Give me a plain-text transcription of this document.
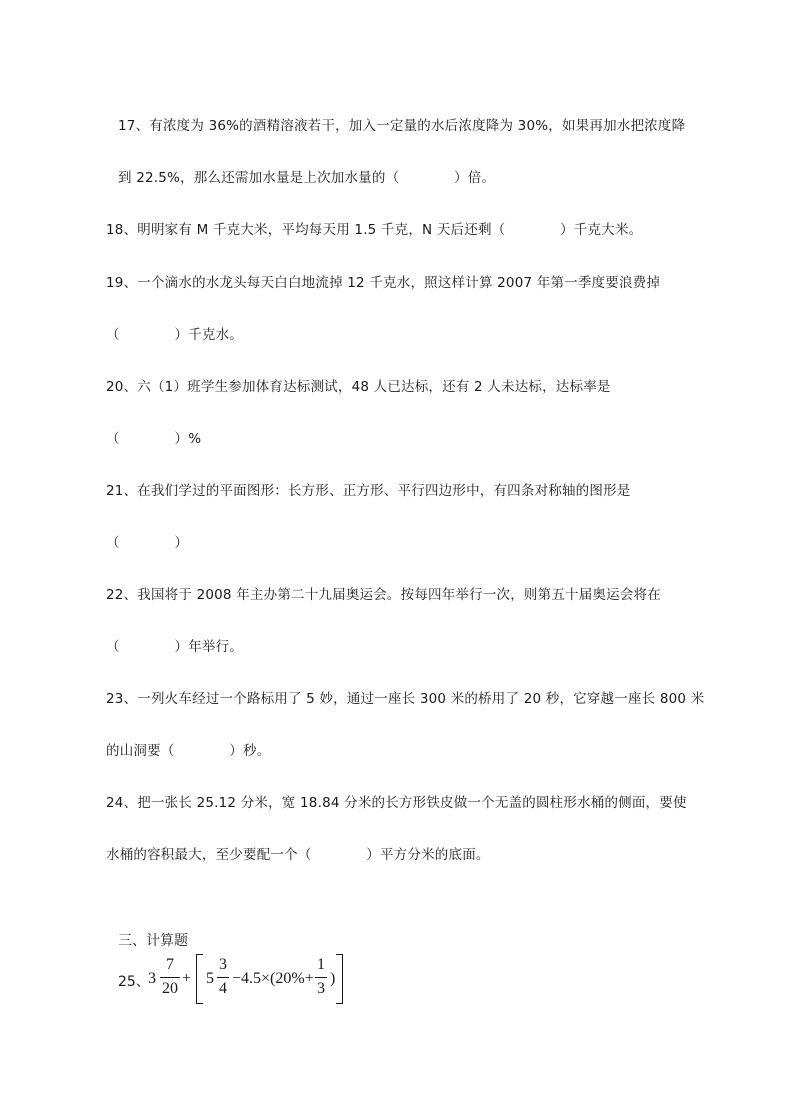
17、有浓度为 36%的酒精溶液若干，加入一定量的水后浓度降为 30%，如果再加水把浓度降
到 22.5%，那么还需加水量是上次加水量的（　　　　）倍。
18、明明家有 M 千克大米，平均每天用 1.5 千克，N 天后还剩（　　　　）千克大米。
19、一个滴水的水龙头每天白白地流掉 12 千克水，照这样计算 2007 年第一季度要浪费掉
（　　　　）千克水。
20、六（1）班学生参加体育达标测试，48 人已达标，还有 2 人未达标，达标率是
（　　　　）%
21、在我们学过的平面图形：长方形、正方形、平行四边形中，有四条对称轴的图形是
（　　　　）
22、我国将于 2008 年主办第二十九届奥运会。按每四年举行一次，则第五十届奥运会将在
（　　　　）年举行。
23、一列火车经过一个路标用了 5 妙，通过一座长 300 米的桥用了 20 秒，它穿越一座长 800 米
的山洞要（　　　　）秒。
24、把一张长 25.12 分米，宽 18.84 分米的长方形铁皮做一个无盖的圆柱形水桶的侧面，要使
水桶的容积最大，至少要配一个（　　　　）平方分米的底面。
三、计算题
25、
3
7
20
+ 5
3
4
−4.5×(20%+
1
3
)
